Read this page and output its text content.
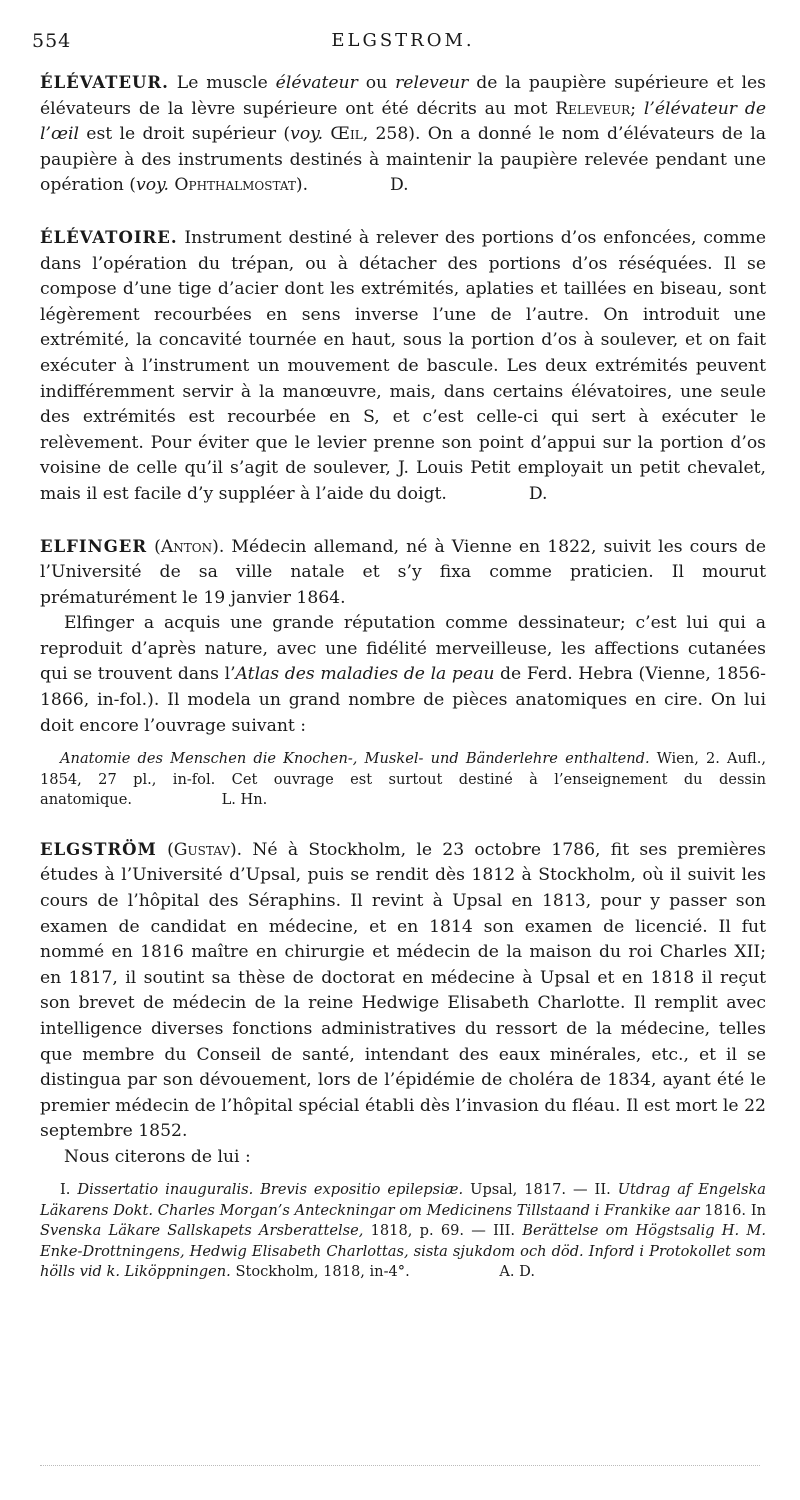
554	ELGSTROM.

ÉLÉVATEUR. Le muscle élévateur ou releveur de la paupière supérieure et les élévateurs de la lèvre supérieure ont été décrits au mot Releveur; l’élévateur de l’œil est le droit supérieur (voy. Œil, 258). On a donné le nom d’élévateurs de la paupière à des instruments destinés à maintenir la paupière relevée pendant une opération (voy. Ophthalmostat).	D.

ÉLÉVATOIRE. Instrument destiné à relever des portions d’os enfoncées, comme dans l’opération du trépan, ou à détacher des portions d’os réséquées. Il se compose d’une tige d’acier dont les extrémités, aplaties et taillées en biseau, sont légèrement recourbées en sens inverse l’une de l’autre. On introduit une extrémité, la concavité tournée en haut, sous la portion d’os à soulever, et on fait exécuter à l’instrument un mouvement de bascule. Les deux extrémités peuvent indifféremment servir à la manœuvre, mais, dans certains élévatoires, une seule des extrémités est recourbée en S, et c’est celle-ci qui sert à exécuter le relèvement. Pour éviter que le levier prenne son point d’appui sur la portion d’os voisine de celle qu’il s’agit de soulever, J. Louis Petit employait un petit chevalet, mais il est facile d’y suppléer à l’aide du doigt.	D.

ELFINGER (Anton). Médecin allemand, né à Vienne en 1822, suivit les cours de l’Université de sa ville natale et s’y fixa comme praticien. Il mourut prématurément le 19 janvier 1864.

Elfinger a acquis une grande réputation comme dessinateur; c’est lui qui a reproduit d’après nature, avec une fidélité merveilleuse, les affections cutanées qui se trouvent dans l’Atlas des maladies de la peau de Ferd. Hebra (Vienne, 1856-1866, in-fol.). Il modela un grand nombre de pièces anatomiques en cire. On lui doit encore l’ouvrage suivant :

Anatomie des Menschen die Knochen-, Muskel- und Bänderlehre enthaltend. Wien, 2. Aufl., 1854, 27 pl., in-fol. Cet ouvrage est surtout destiné à l’enseignement du dessin anatomique.	L. Hn.

ELGSTRÖM (Gustav). Né à Stockholm, le 23 octobre 1786, fit ses premières études à l’Université d’Upsal, puis se rendit dès 1812 à Stockholm, où il suivit les cours de l’hôpital des Séraphins. Il revint à Upsal en 1813, pour y passer son examen de candidat en médecine, et en 1814 son examen de licencié. Il fut nommé en 1816 maître en chirurgie et médecin de la maison du roi Charles XII; en 1817, il soutint sa thèse de doctorat en médecine à Upsal et en 1818 il reçut son brevet de médecin de la reine Hedwige Elisabeth Charlotte. Il remplit avec intelligence diverses fonctions administratives du ressort de la médecine, telles que membre du Conseil de santé, intendant des eaux minérales, etc., et il se distingua par son dévouement, lors de l’épidémie de choléra de 1834, ayant été le premier médecin de l’hôpital spécial établi dès l’invasion du fléau. Il est mort le 22 septembre 1852.

Nous citerons de lui :

I. Dissertatio inauguralis. Brevis expositio epilepsiæ. Upsal, 1817. — II. Utdrag af Engelska Läkarens Dokt. Charles Morgan’s Anteckningar om Medicinens Tillstaand i Frankike aar 1816. In Svenska Läkare Sallskapets Arsberattelse, 1818, p. 69. — III. Berättelse om Högstsalig H. M. Enke-Drottningens, Hedwig Elisabeth Charlottas, sista sjukdom och död. Inford i Protokollet som hölls vid k. Liköppningen. Stockholm, 1818, in-4°.	A. D.
